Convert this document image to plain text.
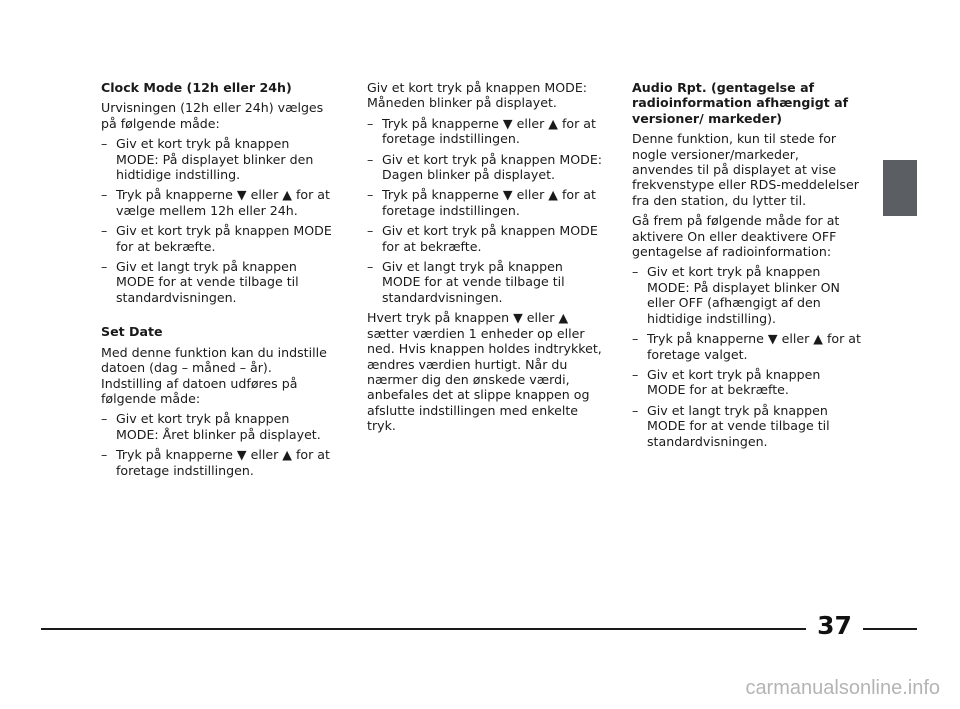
Clock Mode (12h eller 24h)
Urvisningen (12h eller 24h) vælges på følgende måde:
– Giv et kort tryk på knappen MODE: På displayet blinker den hidtidige indstilling.
– Tryk på knapperne ▼ eller ▲ for at vælge mellem 12h eller 24h.
– Giv et kort tryk på knappen MODE for at bekræfte.
– Giv et langt tryk på knappen MODE for at vende tilbage til standardvisningen.
Set Date
Med denne funktion kan du indstille datoen (dag – måned – år). Indstilling af datoen udføres på følgende måde:
– Giv et kort tryk på knappen MODE: Året blinker på displayet.
– Tryk på knapperne ▼ eller ▲ for at foretage indstillingen.
Giv et kort tryk på knappen MODE: Måneden blinker på displayet.
– Tryk på knapperne ▼ eller ▲ for at foretage indstillingen.
– Giv et kort tryk på knappen MODE: Dagen blinker på displayet.
– Tryk på knapperne ▼ eller ▲ for at foretage indstillingen.
– Giv et kort tryk på knappen MODE for at bekræfte.
– Giv et langt tryk på knappen MODE for at vende tilbage til standardvisningen.
Hvert tryk på knappen ▼ eller ▲ sætter værdien 1 enheder op eller ned. Hvis knappen holdes indtrykket, ændres værdien hurtigt. Når du nærmer dig den ønskede værdi, anbefales det at slippe knappen og afslutte indstillingen med enkelte tryk.
Audio Rpt. (gentagelse af radioinformation afhængigt af versioner/ markeder)
Denne funktion, kun til stede for nogle versioner/markeder, anvendes til på displayet at vise frekvenstype eller RDS-meddelelser fra den station, du lytter til.
Gå frem på følgende måde for at aktivere On eller deaktivere OFF gentagelse af radioinformation:
– Giv et kort tryk på knappen MODE: På displayet blinker ON eller OFF (afhængigt af den hidtidige indstilling).
– Tryk på knapperne ▼ eller ▲ for at foretage valget.
– Giv et kort tryk på knappen MODE for at bekræfte.
– Giv et langt tryk på knappen MODE for at vende tilbage til standardvisningen.
37
carmanualsonline.info
